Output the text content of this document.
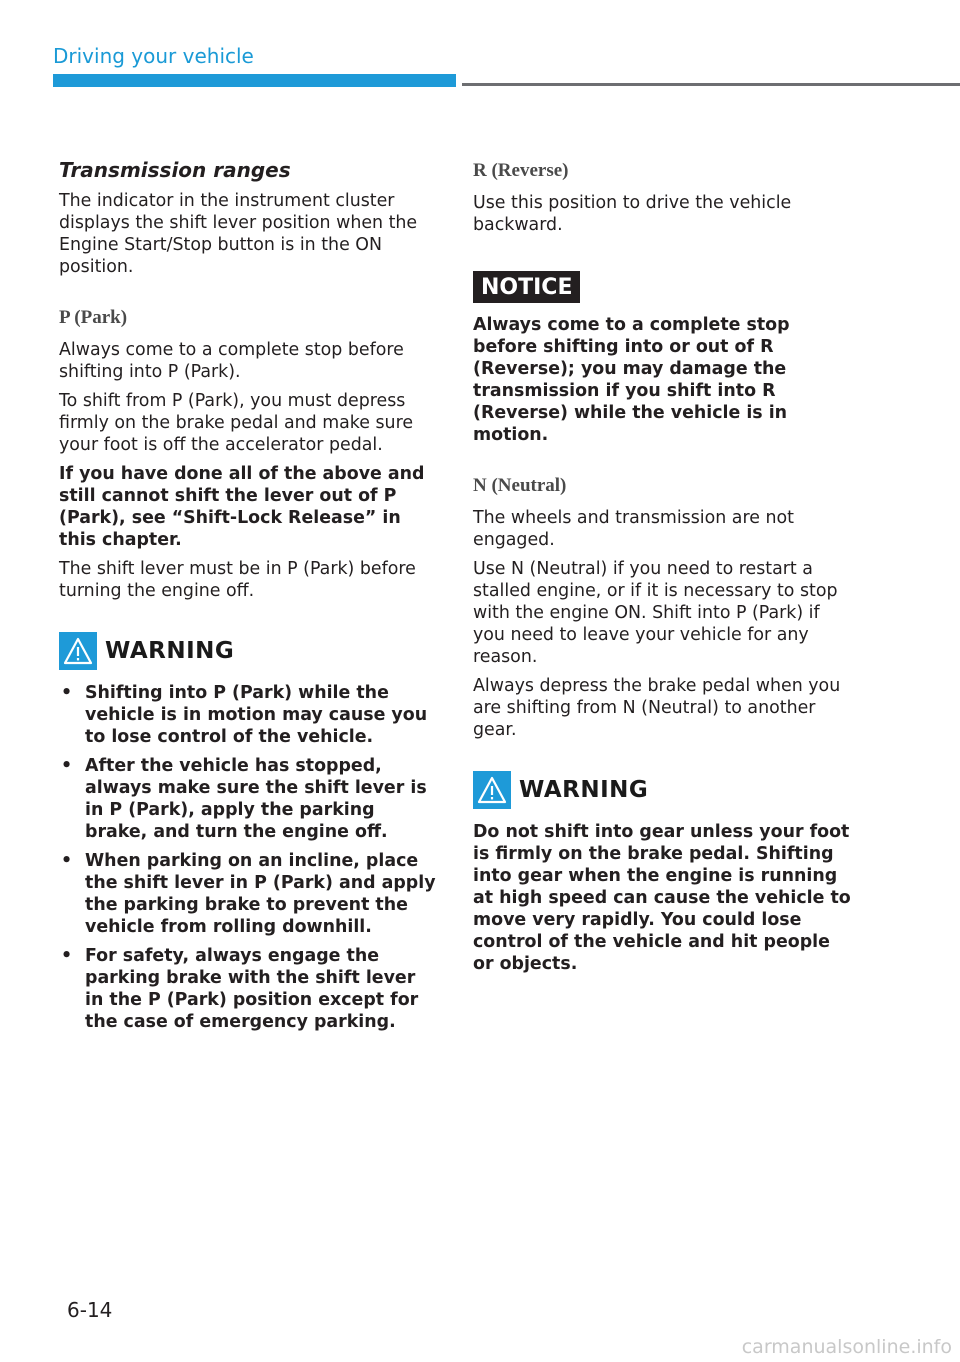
Driving your vehicle
Transmission ranges

The indicator in the instrument cluster displays the shift lever position when the Engine Start/Stop button is in the ON position.

P (Park)

Always come to a complete stop before shifting into P (Park).

To shift from P (Park), you must depress firmly on the brake pedal and make sure your foot is off the accelerator pedal.

If you have done all of the above and still cannot shift the lever out of P (Park), see “Shift-Lock Release” in this chapter.

The shift lever must be in P (Park) before turning the engine off.

WARNING
• Shifting into P (Park) while the vehicle is in motion may cause you to lose control of the vehicle.
• After the vehicle has stopped, always make sure the shift lever is in P (Park), apply the parking brake, and turn the engine off.
• When parking on an incline, place the shift lever in P (Park) and apply the parking brake to prevent the vehicle from rolling downhill.
• For safety, always engage the parking brake with the shift lever in the P (Park) position except for the case of emergency parking.
R (Reverse)

Use this position to drive the vehicle backward.

NOTICE

Always come to a complete stop before shifting into or out of R (Reverse); you may damage the transmission if you shift into R (Reverse) while the vehicle is in motion.

N (Neutral)

The wheels and transmission are not engaged.

Use N (Neutral) if you need to restart a stalled engine, or if it is necessary to stop with the engine ON. Shift into P (Park) if you need to leave your vehicle for any reason.

Always depress the brake pedal when you are shifting from N (Neutral) to another gear.

WARNING

Do not shift into gear unless your foot is firmly on the brake pedal. Shifting into gear when the engine is running at high speed can cause the vehicle to move very rapidly. You could lose control of the vehicle and hit people or objects.

6-14
carmanualsonline.info
